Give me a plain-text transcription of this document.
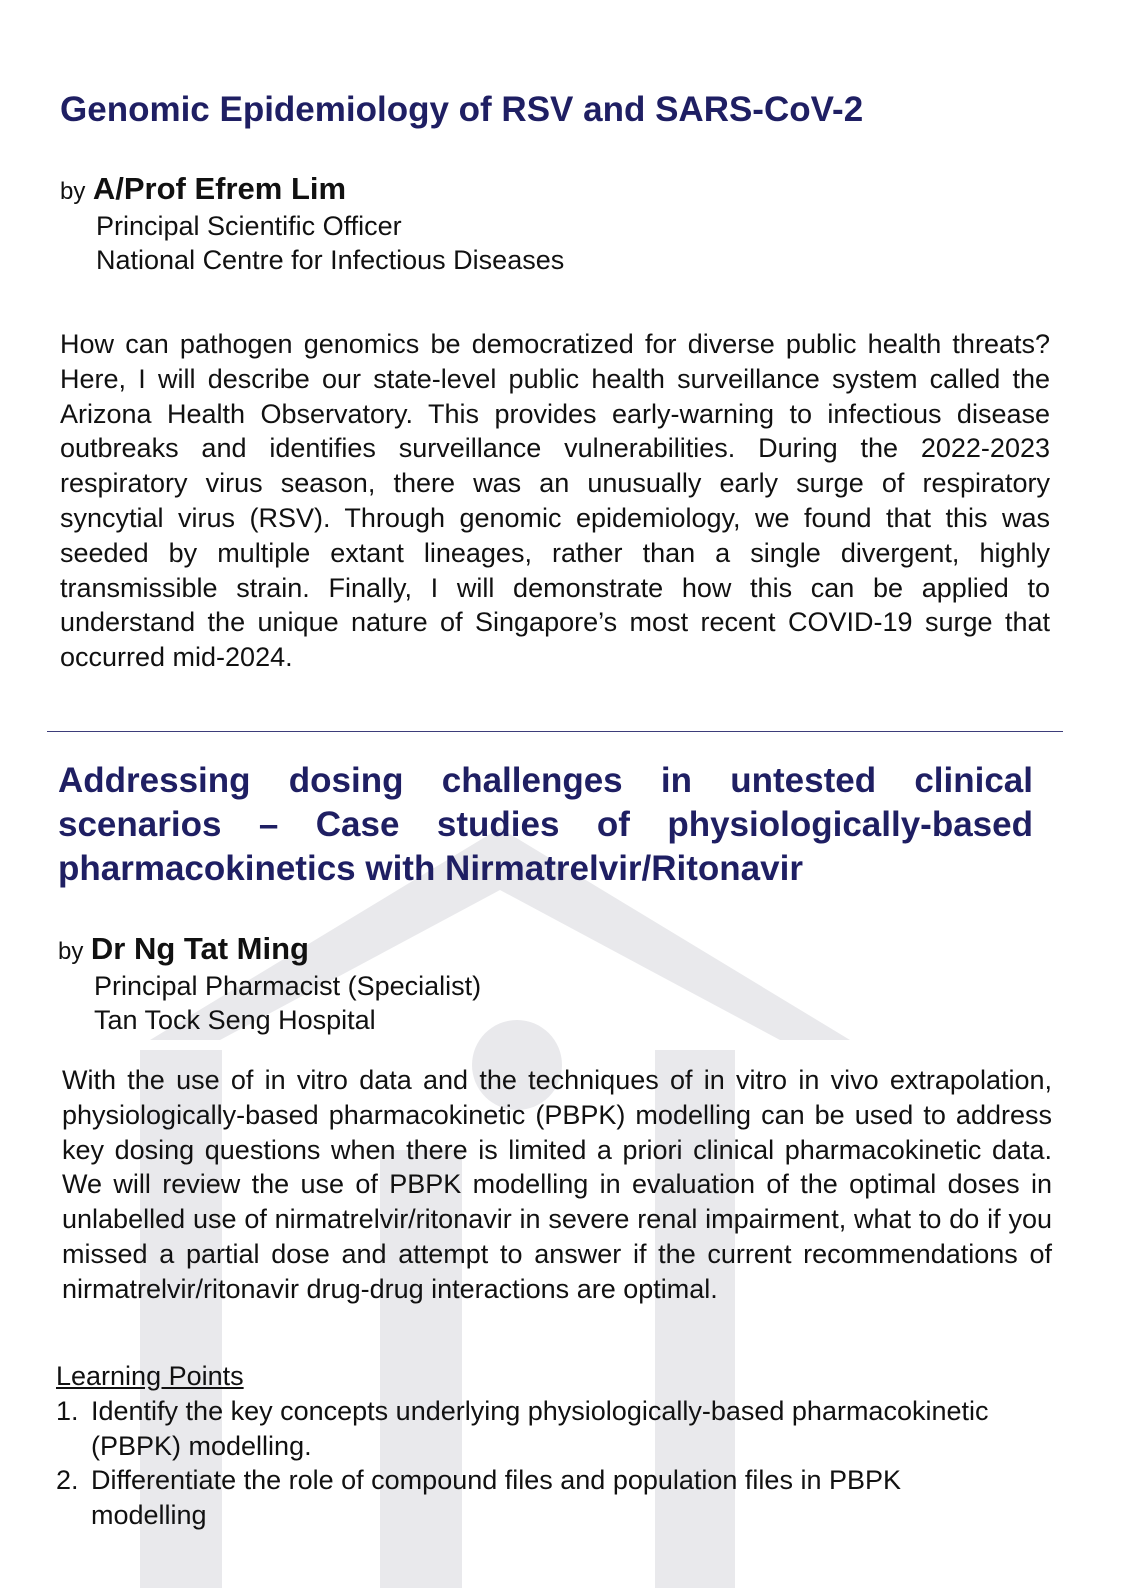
Genomic Epidemiology of RSV and SARS-CoV-2
by A/Prof Efrem Lim
Principal Scientific Officer
National Centre for Infectious Diseases

How can pathogen genomics be democratized for diverse public health threats? Here, I will describe our state-level public health surveillance system called the Arizona Health Observatory. This provides early-warning to infectious disease outbreaks and identifies surveillance vulnerabilities. During the 2022-2023 respiratory virus season, there was an unusually early surge of respiratory syncytial virus (RSV). Through genomic epidemiology, we found that this was seeded by multiple extant lineages, rather than a single divergent, highly transmissible strain. Finally, I will demonstrate how this can be applied to understand the unique nature of Singapore’s most recent COVID-19 surge that occurred mid-2024.

Addressing dosing challenges in untested clinical scenarios – Case studies of physiologically-based pharmacokinetics with Nirmatrelvir/Ritonavir
by Dr Ng Tat Ming
Principal Pharmacist (Specialist)
Tan Tock Seng Hospital

With the use of in vitro data and the techniques of in vitro in vivo extrapolation, physiologically-based pharmacokinetic (PBPK) modelling can be used to address key dosing questions when there is limited a priori clinical pharmacokinetic data. We will review the use of PBPK modelling in evaluation of the optimal doses in unlabelled use of nirmatrelvir/ritonavir in severe renal impairment, what to do if you missed a partial dose and attempt to answer if the current recommendations of nirmatrelvir/ritonavir drug-drug interactions are optimal.

Learning Points
1. Identify the key concepts underlying physiologically-based pharmacokinetic (PBPK) modelling.
2. Differentiate the role of compound files and population files in PBPK modelling
